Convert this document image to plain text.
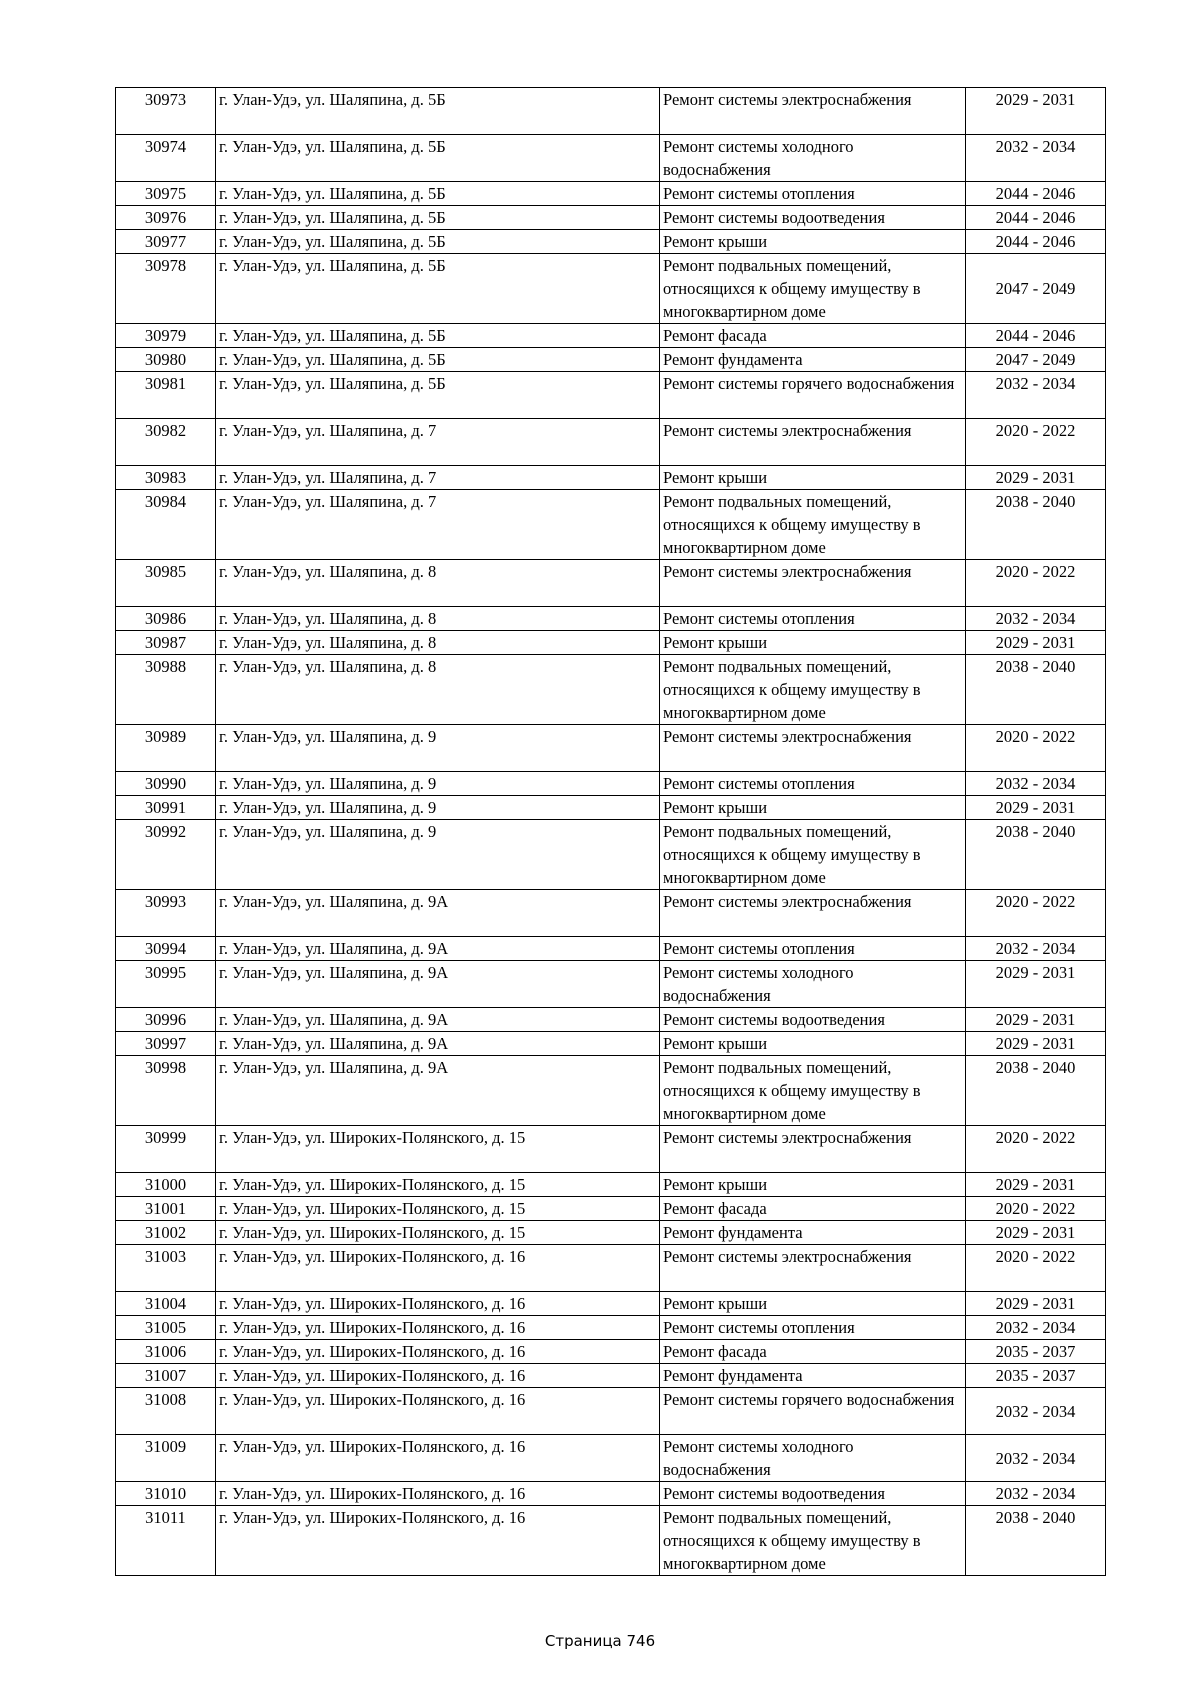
30973	г. Улан-Удэ, ул. Шаляпина, д. 5Б	Ремонт системы электроснабжения	2029 - 2031
30974	г. Улан-Удэ, ул. Шаляпина, д. 5Б	Ремонт системы холодного водоснабжения	2032 - 2034
30975	г. Улан-Удэ, ул. Шаляпина, д. 5Б	Ремонт системы отопления	2044 - 2046
30976	г. Улан-Удэ, ул. Шаляпина, д. 5Б	Ремонт системы водоотведения	2044 - 2046
30977	г. Улан-Удэ, ул. Шаляпина, д. 5Б	Ремонт крыши	2044 - 2046
30978	г. Улан-Удэ, ул. Шаляпина, д. 5Б	Ремонт подвальных помещений, относящихся к общему имуществу в многоквартирном доме	2047 - 2049
30979	г. Улан-Удэ, ул. Шаляпина, д. 5Б	Ремонт фасада	2044 - 2046
30980	г. Улан-Удэ, ул. Шаляпина, д. 5Б	Ремонт фундамента	2047 - 2049
30981	г. Улан-Удэ, ул. Шаляпина, д. 5Б	Ремонт системы горячего водоснабжения	2032 - 2034
30982	г. Улан-Удэ, ул. Шаляпина, д. 7	Ремонт системы электроснабжения	2020 - 2022
30983	г. Улан-Удэ, ул. Шаляпина, д. 7	Ремонт крыши	2029 - 2031
30984	г. Улан-Удэ, ул. Шаляпина, д. 7	Ремонт подвальных помещений, относящихся к общему имуществу в многоквартирном доме	2038 - 2040
30985	г. Улан-Удэ, ул. Шаляпина, д. 8	Ремонт системы электроснабжения	2020 - 2022
30986	г. Улан-Удэ, ул. Шаляпина, д. 8	Ремонт системы отопления	2032 - 2034
30987	г. Улан-Удэ, ул. Шаляпина, д. 8	Ремонт крыши	2029 - 2031
30988	г. Улан-Удэ, ул. Шаляпина, д. 8	Ремонт подвальных помещений, относящихся к общему имуществу в многоквартирном доме	2038 - 2040
30989	г. Улан-Удэ, ул. Шаляпина, д. 9	Ремонт системы электроснабжения	2020 - 2022
30990	г. Улан-Удэ, ул. Шаляпина, д. 9	Ремонт системы отопления	2032 - 2034
30991	г. Улан-Удэ, ул. Шаляпина, д. 9	Ремонт крыши	2029 - 2031
30992	г. Улан-Удэ, ул. Шаляпина, д. 9	Ремонт подвальных помещений, относящихся к общему имуществу в многоквартирном доме	2038 - 2040
30993	г. Улан-Удэ, ул. Шаляпина, д. 9А	Ремонт системы электроснабжения	2020 - 2022
30994	г. Улан-Удэ, ул. Шаляпина, д. 9А	Ремонт системы отопления	2032 - 2034
30995	г. Улан-Удэ, ул. Шаляпина, д. 9А	Ремонт системы холодного водоснабжения	2029 - 2031
30996	г. Улан-Удэ, ул. Шаляпина, д. 9А	Ремонт системы водоотведения	2029 - 2031
30997	г. Улан-Удэ, ул. Шаляпина, д. 9А	Ремонт крыши	2029 - 2031
30998	г. Улан-Удэ, ул. Шаляпина, д. 9А	Ремонт подвальных помещений, относящихся к общему имуществу в многоквартирном доме	2038 - 2040
30999	г. Улан-Удэ, ул. Широких-Полянского, д. 15	Ремонт системы электроснабжения	2020 - 2022
31000	г. Улан-Удэ, ул. Широких-Полянского, д. 15	Ремонт крыши	2029 - 2031
31001	г. Улан-Удэ, ул. Широких-Полянского, д. 15	Ремонт фасада	2020 - 2022
31002	г. Улан-Удэ, ул. Широких-Полянского, д. 15	Ремонт фундамента	2029 - 2031
31003	г. Улан-Удэ, ул. Широких-Полянского, д. 16	Ремонт системы электроснабжения	2020 - 2022
31004	г. Улан-Удэ, ул. Широких-Полянского, д. 16	Ремонт крыши	2029 - 2031
31005	г. Улан-Удэ, ул. Широких-Полянского, д. 16	Ремонт системы отопления	2032 - 2034
31006	г. Улан-Удэ, ул. Широких-Полянского, д. 16	Ремонт фасада	2035 - 2037
31007	г. Улан-Удэ, ул. Широких-Полянского, д. 16	Ремонт фундамента	2035 - 2037
31008	г. Улан-Удэ, ул. Широких-Полянского, д. 16	Ремонт системы горячего водоснабжения	2032 - 2034
31009	г. Улан-Удэ, ул. Широких-Полянского, д. 16	Ремонт системы холодного водоснабжения	2032 - 2034
31010	г. Улан-Удэ, ул. Широких-Полянского, д. 16	Ремонт системы водоотведения	2032 - 2034
31011	г. Улан-Удэ, ул. Широких-Полянского, д. 16	Ремонт подвальных помещений, относящихся к общему имуществу в многоквартирном доме	2038 - 2040
Страница 746
